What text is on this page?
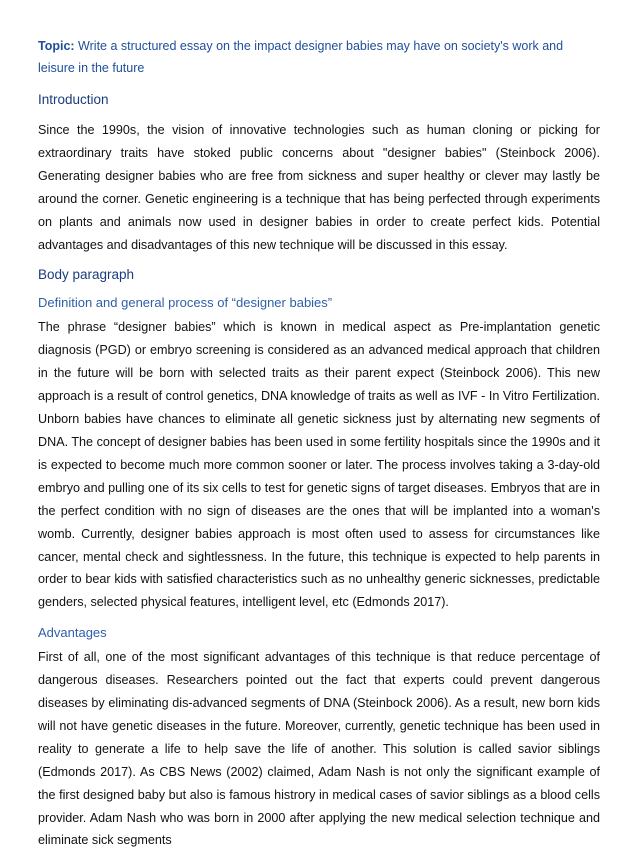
Topic: Write a structured essay on the impact designer babies may have on society's work and leisure in the future

Introduction

Since the 1990s, the vision of innovative technologies such as human cloning or picking for extraordinary traits have stoked public concerns about "designer babies" (Steinbock 2006). Generating designer babies who are free from sickness and super healthy or clever may lastly be around the corner. Genetic engineering is a technique that has being perfected through experiments on plants and animals now used in designer babies in order to create perfect kids. Potential advantages and disadvantages of this new technique will be discussed in this essay.

Body paragraph
Definition and general process of “designer babies”

The phrase “designer babies” which is known in medical aspect as Pre-implantation genetic diagnosis (PGD) or embryo screening is considered as an advanced medical approach that children in the future will be born with selected traits as their parent expect (Steinbock 2006). This new approach is a result of control genetics, DNA knowledge of traits as well as IVF - In Vitro Fertilization. Unborn babies have chances to eliminate all genetic sickness just by alternating new segments of DNA. The concept of designer babies has been used in some fertility hospitals since the 1990s and it is expected to become much more common sooner or later. The process involves taking a 3-day-old embryo and pulling one of its six cells to test for genetic signs of target diseases. Embryos that are in the perfect condition with no sign of diseases are the ones that will be implanted into a woman's womb. Currently, designer babies approach is most often used to assess for circumstances like cancer, mental check and sightlessness. In the future, this technique is expected to help parents in order to bear kids with satisfied characteristics such as no unhealthy generic sicknesses, predictable genders, selected physical features, intelligent level, etc (Edmonds 2017).

Advantages

First of all, one of the most significant advantages of this technique is that reduce percentage of dangerous diseases. Researchers pointed out the fact that experts could prevent dangerous diseases by eliminating dis-advanced segments of DNA (Steinbock 2006). As a result, new born kids will not have genetic diseases in the future. Moreover, currently, genetic technique has been used in reality to generate a life to help save the life of another. This solution is called savior siblings (Edmonds 2017). As CBS News (2002) claimed, Adam Nash is not only the significant example of the first designed baby but also is famous histrory in medical cases of savior siblings as a blood cells provider. Adam Nash who was born in 2000 after applying the new medical selection technique and eliminate sick segments
